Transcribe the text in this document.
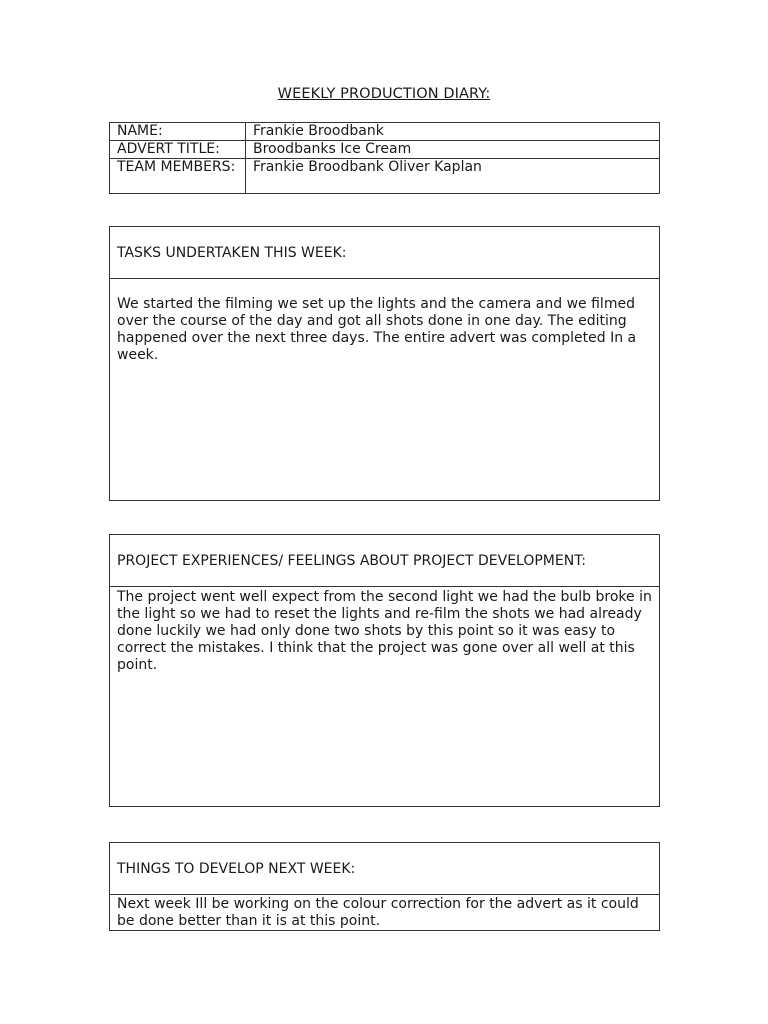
WEEKLY PRODUCTION DIARY:
NAME:	Frankie Broodbank
ADVERT TITLE:	Broodbanks Ice Cream
TEAM MEMBERS:	Frankie Broodbank Oliver Kaplan
TASKS UNDERTAKEN THIS WEEK:
We started the filming we set up the lights and the camera and we filmed over the course of the day and got all shots done in one day. The editing happened over the next three days. The entire advert was completed In a week.
PROJECT EXPERIENCES/ FEELINGS ABOUT PROJECT DEVELOPMENT:
The project went well expect from the second light we had the bulb broke in the light so we had to reset the lights and re-film the shots we had already done luckily we had only done two shots by this point so it was easy to correct the mistakes. I think that the project was gone over all well at this point.
THINGS TO DEVELOP NEXT WEEK:
Next week Ill be working on the colour correction for the advert as it could be done better than it is at this point.
